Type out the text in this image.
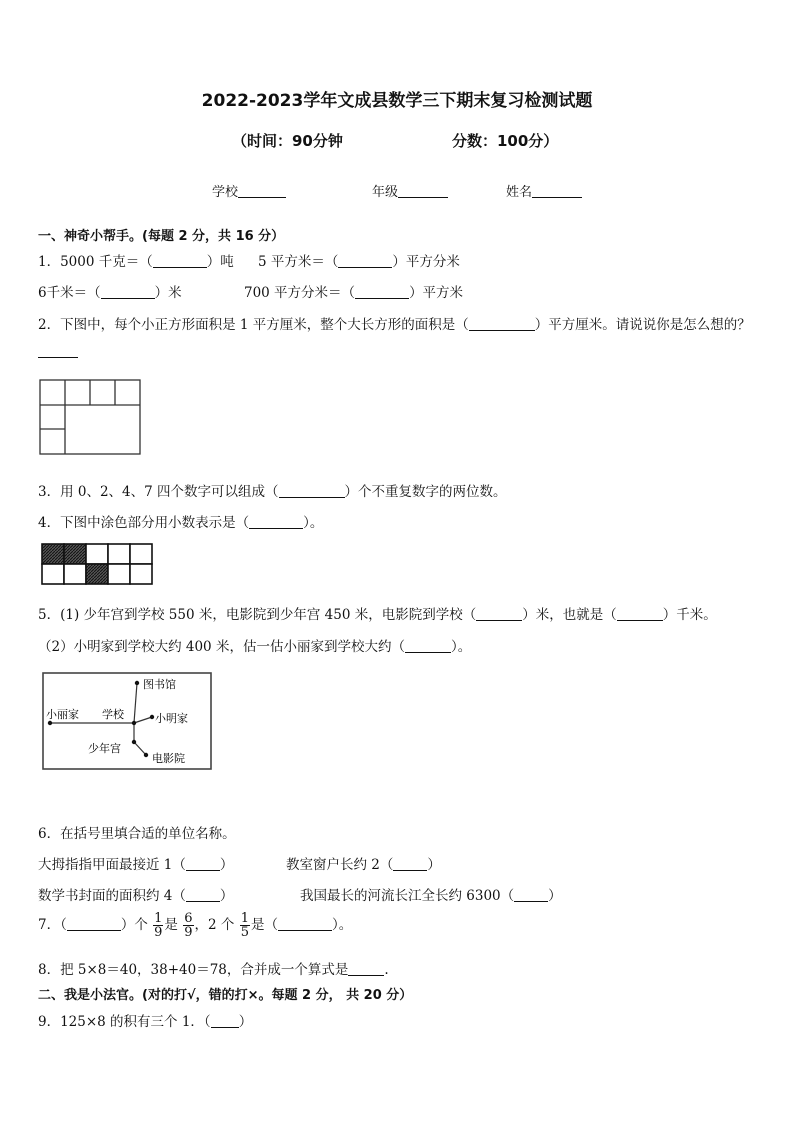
2022-2023学年文成县数学三下期末复习检测试题
（时间：90分钟	分数：100分）
学校	年级	姓名
一、神奇小帮手。(每题 2 分，共 16 分）
1．5000 千克＝（	）吨 5 平方米＝（	）平方分米
6千米＝（	）米	700 平方分米＝（	）平方米
2．下图中，每个小正方形面积是 1 平方厘米，整个大长方形的面积是（	）平方厘米。请说说你是怎么想的？
3．用 0、2、4、7 四个数字可以组成（	）个不重复数字的两位数。
4．下图中涂色部分用小数表示是（	）。
5．(1) 少年宫到学校 550 米，电影院到少年宫 450 米，电影院到学校（	）米，也就是（	）千米。
（2）小明家到学校大约 400 米，估一估小丽家到学校大约（	）。
图书馆
小丽家 学校	小明家
少年宫
电影院
6．在括号里填合适的单位名称。
大拇指指甲面最接近 1（	）	教室窗户长约 2（	）
数学书封面的面积约 4（	）	我国最长的河流长江全长约 6300（	）
7．（	）个 $\frac{1}{9}$ 是 $\frac{6}{9}$ ，2 个 $\frac{1}{5}$ 是（	）。
8．把 5×8＝40，38+40＝78，合并成一个算式是	.
二、我是小法官。(对的打√，错的打×。每题 2 分， 共 20 分）
9．125×8 的积有三个 1．（ ）
